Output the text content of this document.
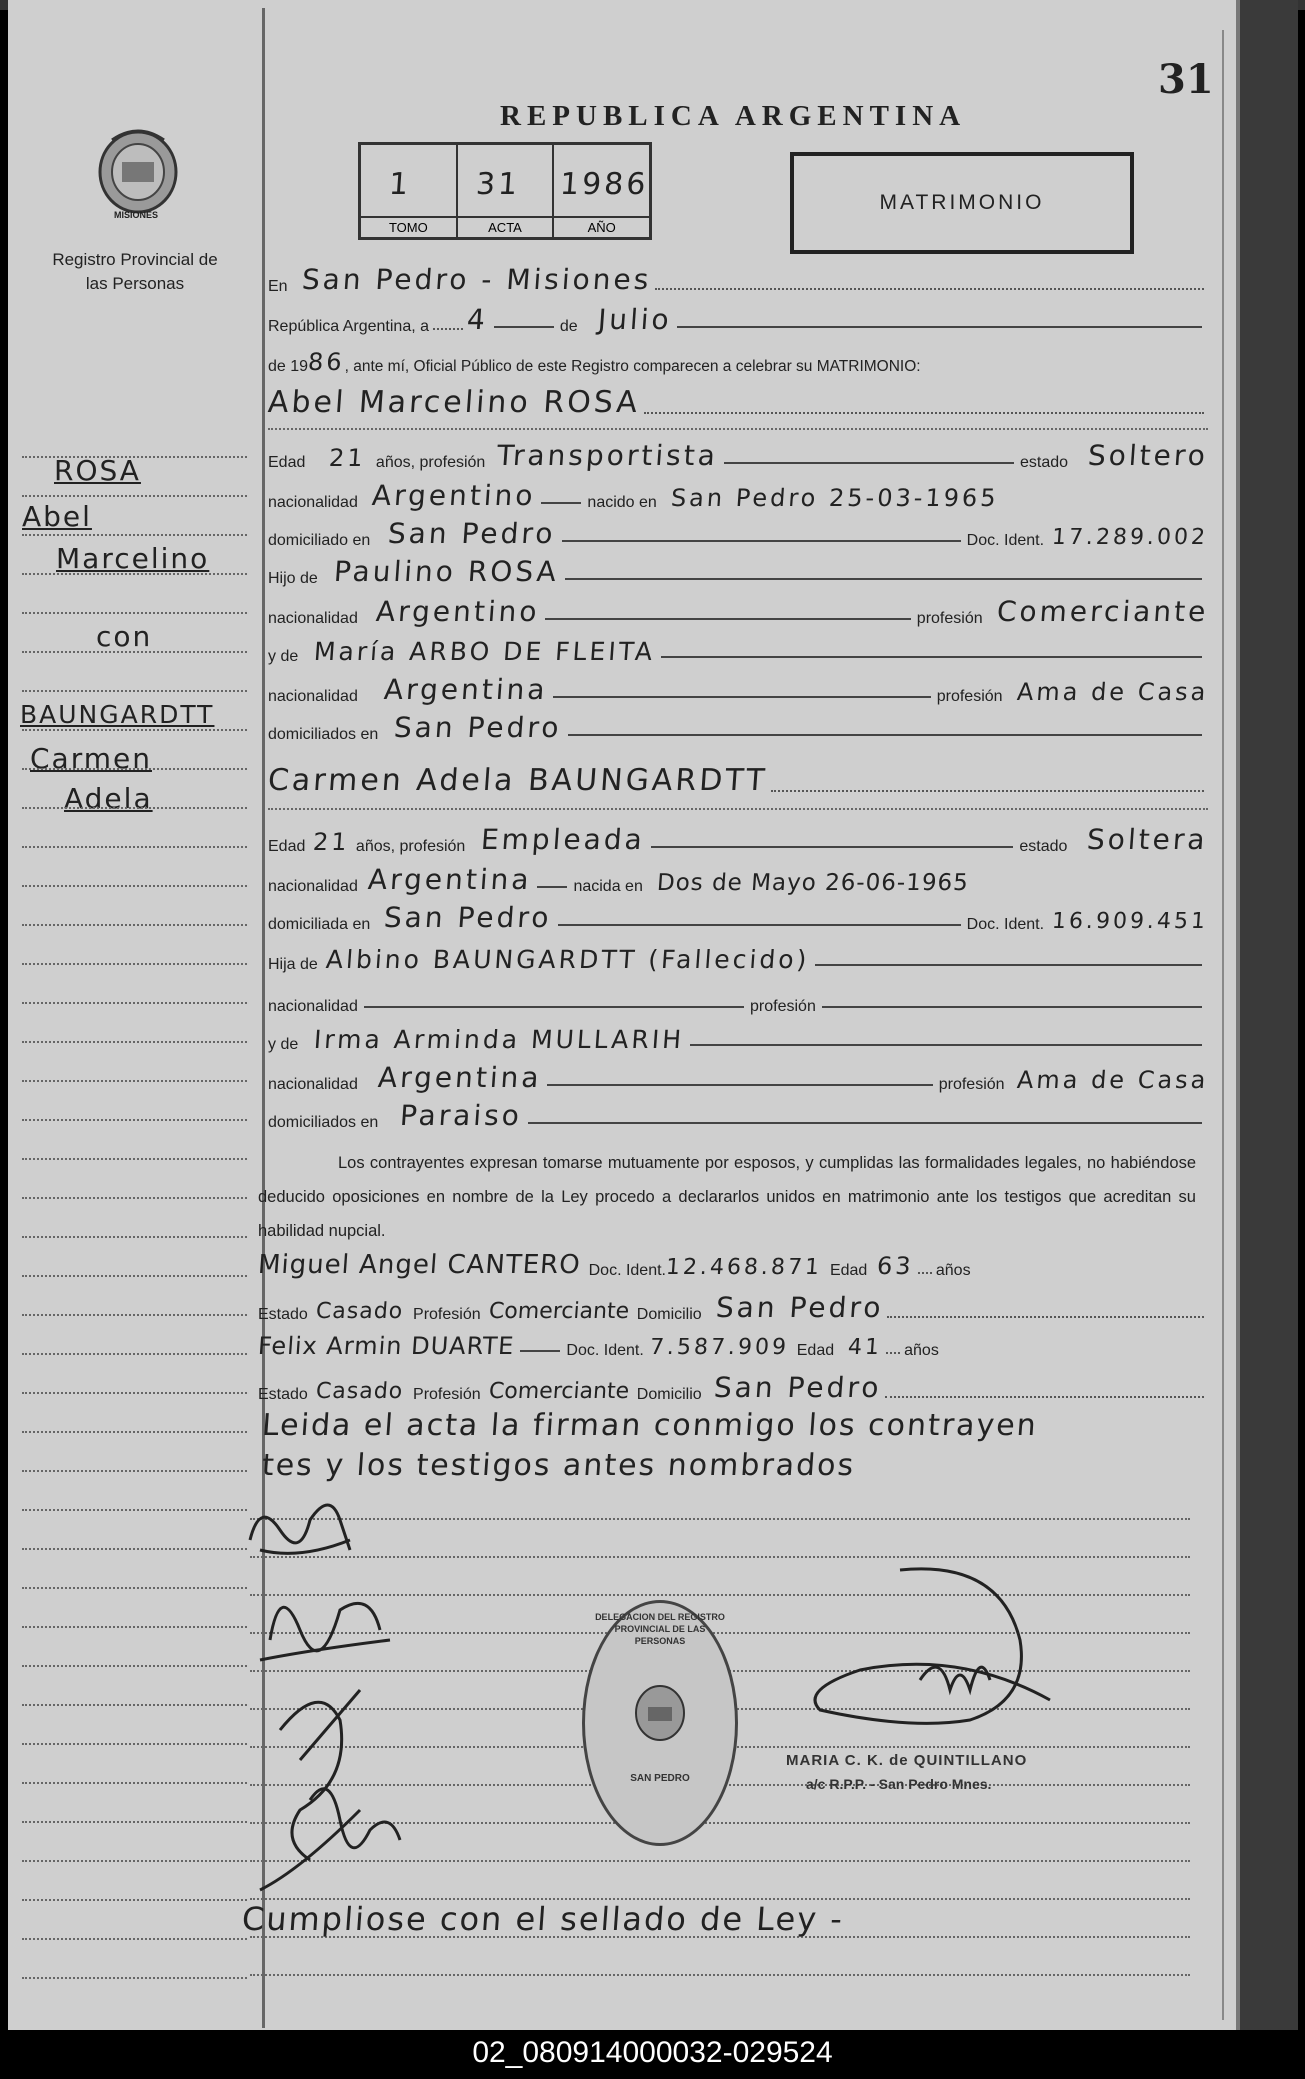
31
MISIONES
Registro Provincial de las Personas
REPUBLICA ARGENTINA
1
TOMO
31
ACTA
1986
AÑO
MATRIMONIO
ROSA
Abel
Marcelino
con
BAUNGARDTT
Carmen
Adela
En San Pedro - Misiones
República Argentina, a 4	de Julio
de 19 86 , ante mí, Oficial Público de este Registro comparecen a celebrar su MATRIMONIO:
Abel Marcelino ROSA
Edad 21 años, profesión Transportista	estado Soltero
nacionalidad Argentino	nacido en San Pedro 25-03-1965
domiciliado en San Pedro	Doc. Ident. 17.289.002
Hijo de Paulino ROSA
nacionalidad Argentino	profesión Comerciante
y de María ARBO DE FLEITA
nacionalidad Argentina	profesión Ama de Casa
domiciliados en San Pedro
Carmen Adela BAUNGARDTT
Edad 21 años, profesión Empleada	estado Soltera
nacionalidad Argentina	nacida en Dos de Mayo 26-06-1965
domiciliada en San Pedro	Doc. Ident. 16.909.451
Hija de Albino BAUNGARDTT (Fallecido)
nacionalidad	profesión
y de Irma Arminda MULLARIH
nacionalidad Argentina	profesión Ama de Casa
domiciliados en Paraiso
Los contrayentes expresan tomarse mutuamente por esposos, y cumplidas las formalidades legales, no habiéndose deducido oposiciones en nombre de la Ley procedo a declararlos unidos en matrimonio ante los testigos que acreditan su habilidad nupcial.
Miguel Angel CANTERO Doc. Ident. 12.468.871 Edad 63 años
Estado Casado Profesión Comerciante Domicilio San Pedro
Felix Armin DUARTE	Doc. Ident. 7.587.909 Edad 41 años
Estado Casado Profesión Comerciante Domicilio San Pedro
Leida el acta la firman conmigo los contrayen
tes y los testigos antes nombrados
DELEGACION DEL REGISTRO PROVINCIAL DE LAS PERSONAS
SAN PEDRO
MARIA C. K. de QUINTILLANO
a/c R.P.P. - San Pedro Mnes.
Cumpliose con el sellado de Ley -
02_080914000032-029524
